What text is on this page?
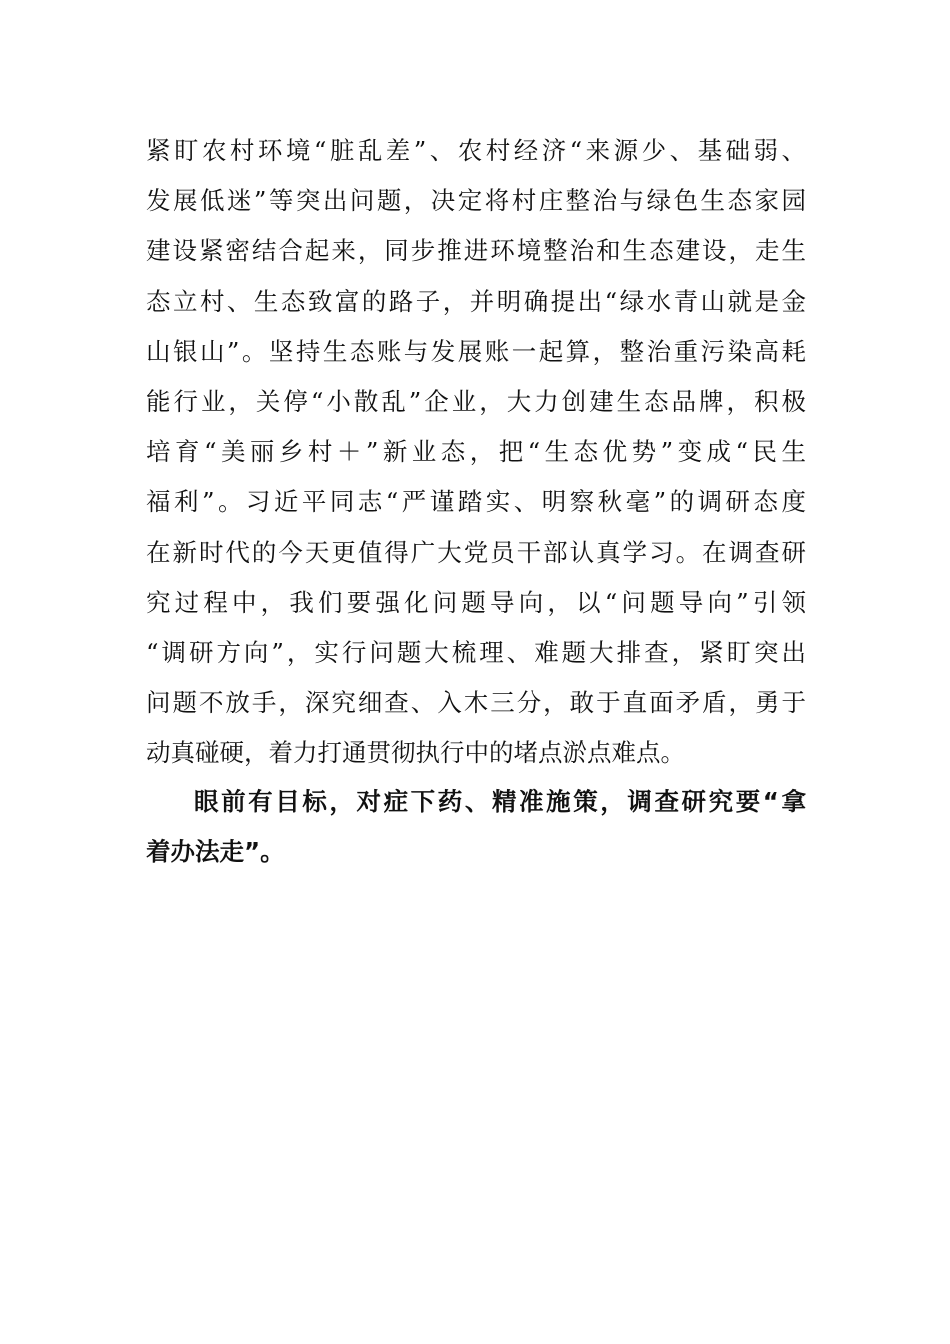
紧盯农村环境“脏乱差”、农村经济“来源少、基础弱、
发展低迷”等突出问题，决定将村庄整治与绿色生态家园
建设紧密结合起来，同步推进环境整治和生态建设，走生
态立村、生态致富的路子，并明确提出“绿水青山就是金
山银山”。坚持生态账与发展账一起算，整治重污染高耗
能行业，关停“小散乱”企业，大力创建生态品牌，积极
培育“美丽乡村＋”新业态，把“生态优势”变成“民生
福利”。习近平同志“严谨踏实、明察秋毫”的调研态度
在新时代的今天更值得广大党员干部认真学习。在调查研
究过程中，我们要强化问题导向，以“问题导向”引领
“调研方向”，实行问题大梳理、难题大排查，紧盯突出
问题不放手，深究细查、入木三分，敢于直面矛盾，勇于
动真碰硬，着力打通贯彻执行中的堵点淤点难点。
眼前有目标，对症下药、精准施策，调查研究要“拿
着办法走”。
